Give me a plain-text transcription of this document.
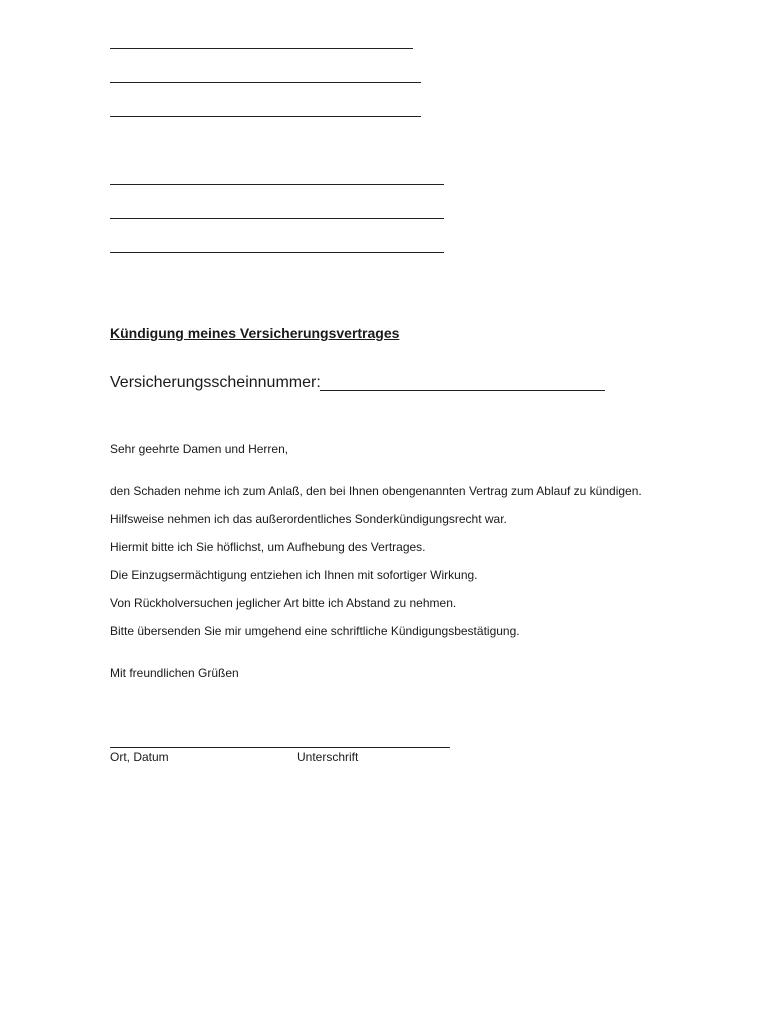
Kündigung meines Versicherungsvertrages
Versicherungsscheinnummer:
Sehr geehrte Damen und Herren,
den Schaden nehme ich zum Anlaß, den bei Ihnen obengenannten Vertrag zum Ablauf zu kündigen.
Hilfsweise nehmen ich das außerordentliches Sonderkündigungsrecht war.
Hiermit bitte ich Sie höflichst, um Aufhebung des Vertrages.
Die Einzugsermächtigung entziehen ich Ihnen mit sofortiger Wirkung.
Von Rückholversuchen jeglicher Art bitte ich Abstand zu nehmen.
Bitte übersenden Sie mir umgehend eine schriftliche Kündigungsbestätigung.
Mit freundlichen Grüßen
Ort, Datum	Unterschrift
